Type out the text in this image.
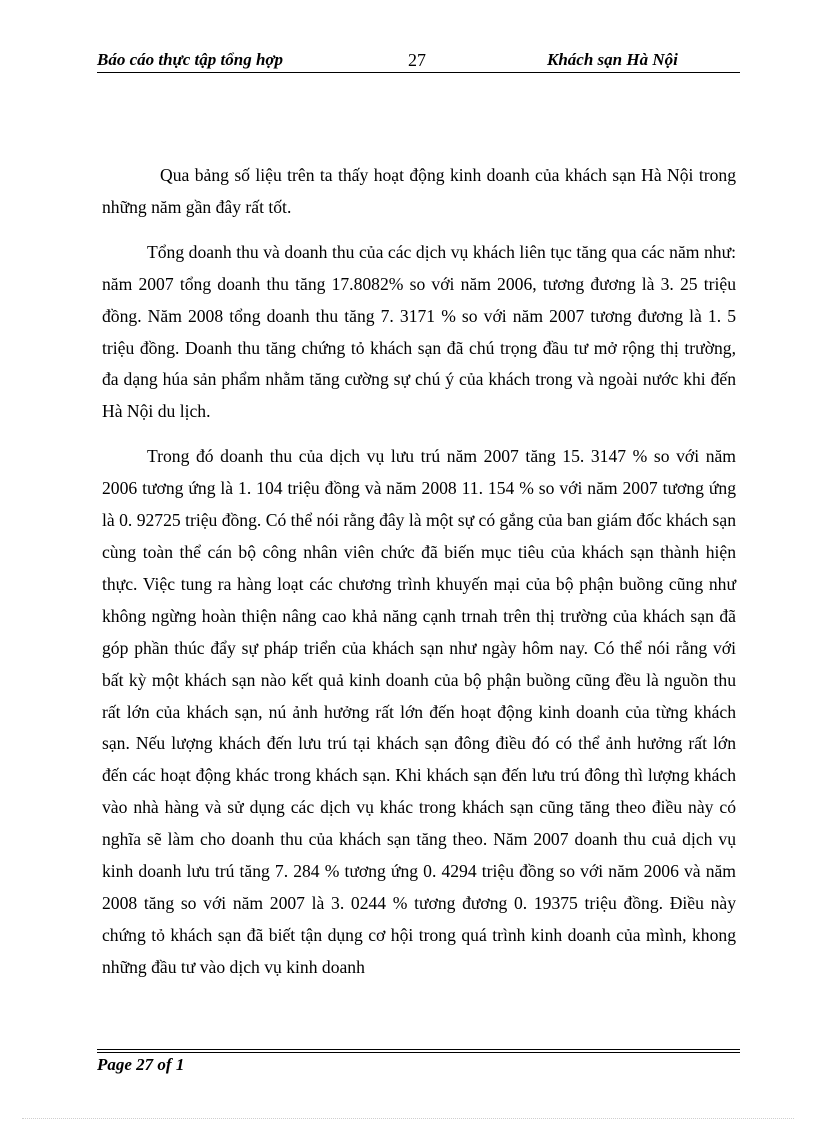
Báo cáo thực tập tổng hợp	27	Khách sạn Hà Nội

Qua bảng số liệu trên ta thấy hoạt động kinh doanh của khách sạn Hà Nội trong những năm gần đây rất tốt.

Tổng doanh thu và doanh thu của các dịch vụ khách liên tục tăng qua các năm như: năm 2007 tổng doanh thu tăng 17.8082% so với năm 2006, tương đương là 3. 25 triệu đồng. Năm 2008 tổng doanh thu tăng 7. 3171 % so với năm 2007 tương đương là 1. 5 triệu đồng. Doanh thu tăng chứng tỏ khách sạn đã chú trọng đầu tư mở rộng thị trường, đa dạng húa sản phẩm nhằm tăng cường sự chú ý của khách trong và ngoài nước khi đến Hà Nội du lịch.

Trong đó doanh thu của dịch vụ lưu trú năm 2007 tăng 15. 3147 % so với năm 2006 tương ứng là 1. 104 triệu đồng và năm 2008 11. 154 % so với năm 2007 tương ứng là 0. 92725 triệu đồng. Có thể nói rằng đây là một sự có gắng của ban giám đốc khách sạn cùng toàn thể cán bộ công nhân viên chức đã biến mục tiêu của khách sạn thành hiện thực. Việc tung ra hàng loạt các chương trình khuyến mại của bộ phận buồng cũng như không ngừng hoàn thiện nâng cao khả năng cạnh trnah trên thị trường của khách sạn đã góp phần thúc đẩy sự pháp triển của khách sạn như ngày hôm nay. Có thể nói rằng với bất kỳ một khách sạn nào kết quả kinh doanh của bộ phận buồng cũng đều là nguồn thu rất lớn của khách sạn, nú ảnh hưởng rất lớn đến hoạt động kinh doanh của từng khách sạn. Nếu lượng khách đến lưu trú tại khách sạn đông điều đó có thể ảnh hưởng rất lớn đến các hoạt động khác trong khách sạn. Khi khách sạn đến lưu trú đông thì lượng khách vào nhà hàng và sử dụng các dịch vụ khác trong khách sạn cũng tăng theo điều này có nghĩa sẽ làm cho doanh thu của khách sạn tăng theo. Năm 2007 doanh thu cuả dịch vụ kinh doanh lưu trú tăng 7. 284 % tương ứng 0. 4294 triệu đồng so với năm 2006 và năm 2008 tăng so với năm 2007 là 3. 0244 % tương đương 0. 19375 triệu đồng. Điều này chứng tỏ khách sạn đã biết tận dụng cơ hội trong quá trình kinh doanh của mình, khong những đầu tư vào dịch vụ kinh doanh

Page 27 of 1
